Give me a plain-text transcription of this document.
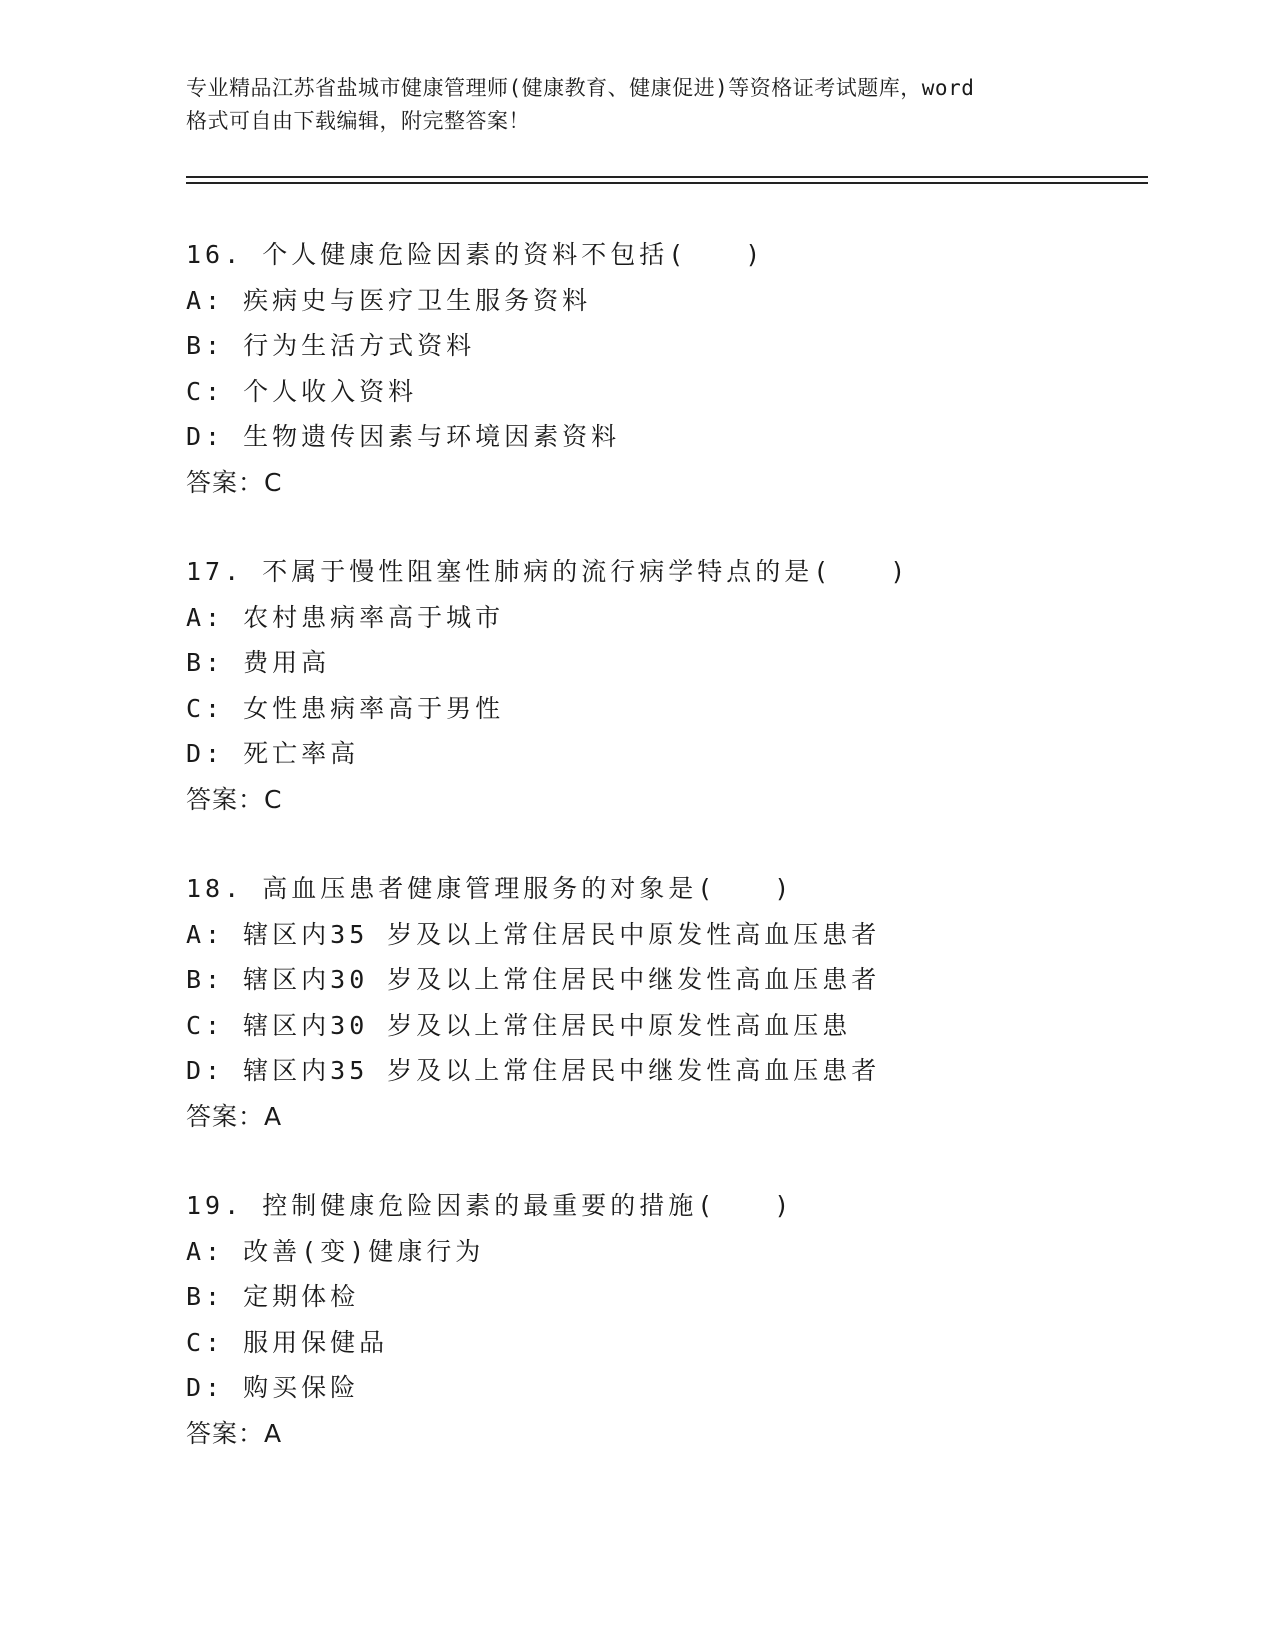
专业精品江苏省盐城市健康管理师(健康教育、健康促进)等资格证考试题库，word
格式可自由下载编辑，附完整答案！
16. 个人健康危险因素的资料不包括(　　)
A: 疾病史与医疗卫生服务资料
B: 行为生活方式资料
C: 个人收入资料
D: 生物遗传因素与环境因素资料
答案：C
17. 不属于慢性阻塞性肺病的流行病学特点的是(　　)
A: 农村患病率高于城市
B: 费用高
C: 女性患病率高于男性
D: 死亡率高
答案：C
18. 高血压患者健康管理服务的对象是(　　)
A: 辖区内35 岁及以上常住居民中原发性高血压患者
B: 辖区内30 岁及以上常住居民中继发性高血压患者
C: 辖区内30 岁及以上常住居民中原发性高血压患
D: 辖区内35 岁及以上常住居民中继发性高血压患者
答案：A
19. 控制健康危险因素的最重要的措施(　　)
A: 改善(变)健康行为
B: 定期体检
C: 服用保健品
D: 购买保险
答案：A
